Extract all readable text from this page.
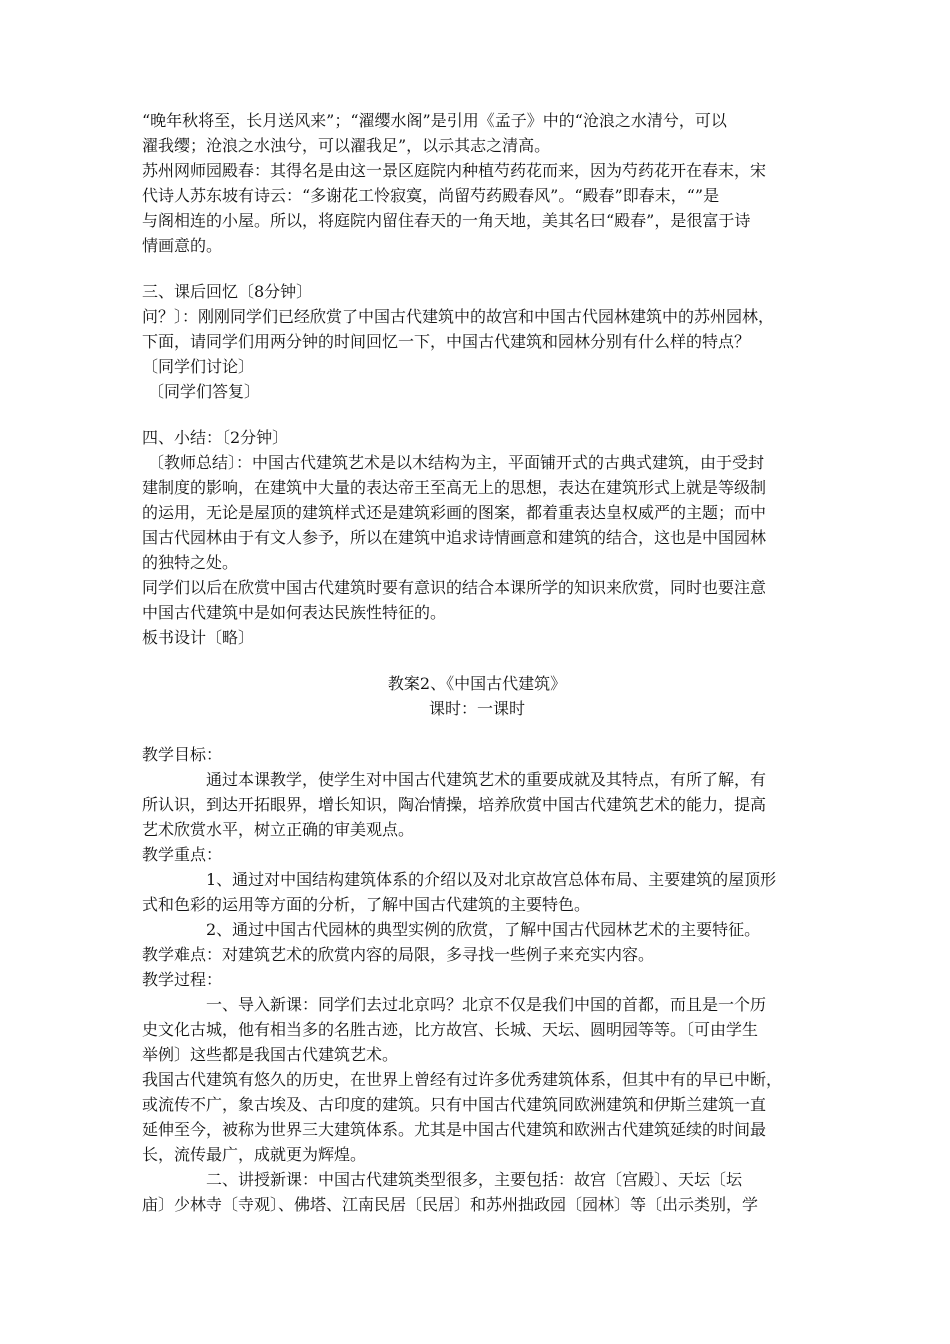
“晚年秋将至，长月送风来”；“濯缨水阁”是引用《孟子》中的“沧浪之水清兮，可以
濯我缨；沧浪之水浊兮，可以濯我足”，以示其志之清高。
苏州网师园殿春：其得名是由这一景区庭院内种植芍药花而来，因为芍药花开在春末，宋
代诗人苏东坡有诗云：“多谢花工怜寂寞，尚留芍药殿春风”。“殿春”即春末，“”是
与阁相连的小屋。所以，将庭院内留住春天的一角天地，美其名曰“殿春”，是很富于诗
情画意的。
三、课后回忆〔8分钟〕
问？〕：刚刚同学们已经欣赏了中国古代建筑中的故宫和中国古代园林建筑中的苏州园林，
下面，请同学们用两分钟的时间回忆一下，中国古代建筑和园林分别有什么样的特点？
〔同学们讨论〕
〔同学们答复〕
四、小结：〔2分钟〕
〔教师总结〕：中国古代建筑艺术是以木结构为主，平面铺开式的古典式建筑，由于受封
建制度的影响，在建筑中大量的表达帝王至高无上的思想，表达在建筑形式上就是等级制
的运用，无论是屋顶的建筑样式还是建筑彩画的图案，都着重表达皇权威严的主题；而中
国古代园林由于有文人参予，所以在建筑中追求诗情画意和建筑的结合，这也是中国园林
的独特之处。
同学们以后在欣赏中国古代建筑时要有意识的结合本课所学的知识来欣赏，同时也要注意
中国古代建筑中是如何表达民族性特征的。
板书设计〔略〕
教案2、《中国古代建筑》
课时：一课时
教学目标：
通过本课教学，使学生对中国古代建筑艺术的重要成就及其特点，有所了解，有
所认识，到达开拓眼界，增长知识，陶冶情操，培养欣赏中国古代建筑艺术的能力，提高
艺术欣赏水平，树立正确的审美观点。
教学重点：
1、通过对中国结构建筑体系的介绍以及对北京故宫总体布局、主要建筑的屋顶形
式和色彩的运用等方面的分析，了解中国古代建筑的主要特色。
2、通过中国古代园林的典型实例的欣赏，了解中国古代园林艺术的主要特征。
教学难点：对建筑艺术的欣赏内容的局限，多寻找一些例子来充实内容。
教学过程：
一、导入新课：同学们去过北京吗？北京不仅是我们中国的首都，而且是一个历
史文化古城，他有相当多的名胜古迹，比方故宫、长城、天坛、圆明园等等。〔可由学生
举例〕这些都是我国古代建筑艺术。
我国古代建筑有悠久的历史，在世界上曾经有过许多优秀建筑体系，但其中有的早已中断，
或流传不广，象古埃及、古印度的建筑。只有中国古代建筑同欧洲建筑和伊斯兰建筑一直
延伸至今，被称为世界三大建筑体系。尤其是中国古代建筑和欧洲古代建筑延续的时间最
长，流传最广，成就更为辉煌。
二、讲授新课：中国古代建筑类型很多，主要包括：故宫〔宫殿〕、天坛〔坛
庙〕少林寺〔寺观〕、佛塔、江南民居〔民居〕和苏州拙政园〔园林〕等〔出示类别，学
